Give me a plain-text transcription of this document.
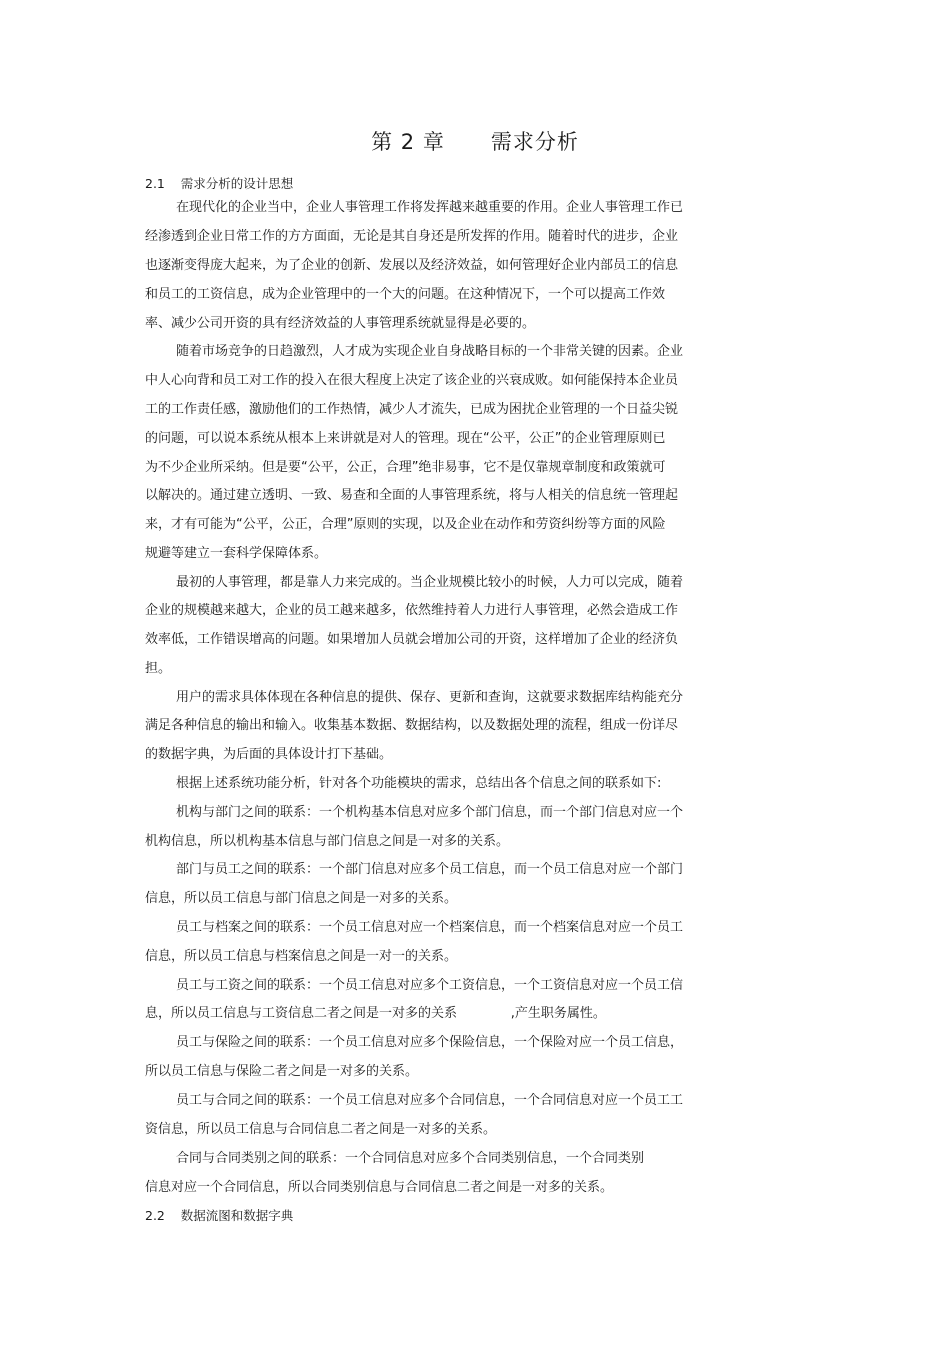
第 2 章      需求分析
2.1    需求分析的设计思想
在现代化的企业当中，企业人事管理工作将发挥越来越重要的作用。企业人事管理工作已
经渗透到企业日常工作的方方面面，无论是其自身还是所发挥的作用。随着时代的进步，企业
也逐渐变得庞大起来，为了企业的创新、发展以及经济效益，如何管理好企业内部员工的信息
和员工的工资信息，成为企业管理中的一个大的问题。在这种情况下，一个可以提高工作效
率、减少公司开资的具有经济效益的人事管理系统就显得是必要的。
随着市场竞争的日趋激烈，人才成为实现企业自身战略目标的一个非常关键的因素。企业
中人心向背和员工对工作的投入在很大程度上决定了该企业的兴衰成败。如何能保持本企业员
工的工作责任感，激励他们的工作热情，减少人才流失，已成为困扰企业管理的一个日益尖锐
的问题，可以说本系统从根本上来讲就是对人的管理。现在“公平，公正”的企业管理原则已
为不少企业所采纳。但是要“公平，公正，合理”绝非易事，它不是仅靠规章制度和政策就可
以解决的。通过建立透明、一致、易查和全面的人事管理系统，将与人相关的信息统一管理起
来，才有可能为“公平，公正，合理”原则的实现，以及企业在动作和劳资纠纷等方面的风险
规避等建立一套科学保障体系。
最初的人事管理，都是靠人力来完成的。当企业规模比较小的时候，人力可以完成，随着
企业的规模越来越大，企业的员工越来越多，依然维持着人力进行人事管理，必然会造成工作
效率低，工作错误增高的问题。如果增加人员就会增加公司的开资，这样增加了企业的经济负
担。
用户的需求具体体现在各种信息的提供、保存、更新和查询，这就要求数据库结构能充分
满足各种信息的输出和输入。收集基本数据、数据结构，以及数据处理的流程，组成一份详尽
的数据字典，为后面的具体设计打下基础。
根据上述系统功能分析，针对各个功能模块的需求，总结出各个信息之间的联系如下:
机构与部门之间的联系：一个机构基本信息对应多个部门信息，而一个部门信息对应一个
机构信息，所以机构基本信息与部门信息之间是一对多的关系。
部门与员工之间的联系：一个部门信息对应多个员工信息，而一个员工信息对应一个部门
信息，所以员工信息与部门信息之间是一对多的关系。
员工与档案之间的联系：一个员工信息对应一个档案信息，而一个档案信息对应一个员工
信息，所以员工信息与档案信息之间是一对一的关系。
员工与工资之间的联系：一个员工信息对应多个工资信息，一个工资信息对应一个员工信
息，所以员工信息与工资信息二者之间是一对多的关系             ,产生职务属性。
员工与保险之间的联系：一个员工信息对应多个保险信息，一个保险对应一个员工信息，
所以员工信息与保险二者之间是一对多的关系。
员工与合同之间的联系：一个员工信息对应多个合同信息，一个合同信息对应一个员工工
资信息，所以员工信息与合同信息二者之间是一对多的关系。
合同与合同类别之间的联系：一个合同信息对应多个合同类别信息，一个合同类别
信息对应一个合同信息，所以合同类别信息与合同信息二者之间是一对多的关系。
2.2    数据流图和数据字典
